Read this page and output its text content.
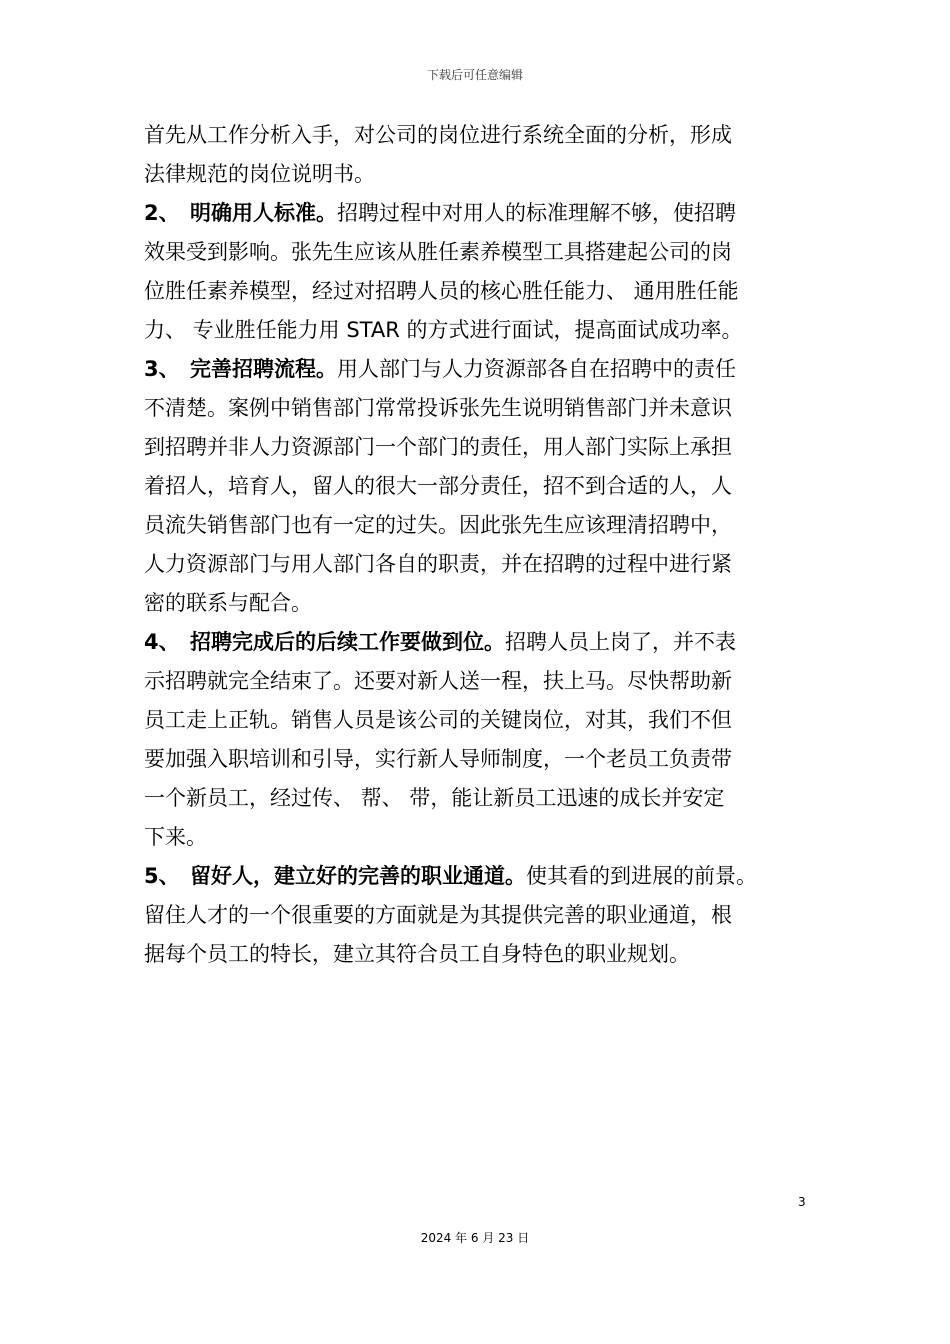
下载后可任意编辑
首先从工作分析入手，对公司的岗位进行系统全面的分析，形成
法律规范的岗位说明书。
2、 明确用人标准。招聘过程中对用人的标准理解不够，使招聘
效果受到影响。张先生应该从胜任素养模型工具搭建起公司的岗
位胜任素养模型，经过对招聘人员的核心胜任能力、 通用胜任能
力、 专业胜任能力用 STAR 的方式进行面试，提高面试成功率。
3、 完善招聘流程。用人部门与人力资源部各自在招聘中的责任
不清楚。案例中销售部门常常投诉张先生说明销售部门并未意识
到招聘并非人力资源部门一个部门的责任，用人部门实际上承担
着招人，培育人，留人的很大一部分责任，招不到合适的人，人
员流失销售部门也有一定的过失。因此张先生应该理清招聘中，
人力资源部门与用人部门各自的职责，并在招聘的过程中进行紧
密的联系与配合。
4、 招聘完成后的后续工作要做到位。招聘人员上岗了，并不表
示招聘就完全结束了。还要对新人送一程，扶上马。尽快帮助新
员工走上正轨。销售人员是该公司的关键岗位，对其，我们不但
要加强入职培训和引导，实行新人导师制度，一个老员工负责带
一个新员工，经过传、 帮、 带，能让新员工迅速的成长并安定
下来。
5、 留好人，建立好的完善的职业通道。使其看的到进展的前景。
留住人才的一个很重要的方面就是为其提供完善的职业通道，根
据每个员工的特长，建立其符合员工自身特色的职业规划。
3
2024 年 6 月 23 日
